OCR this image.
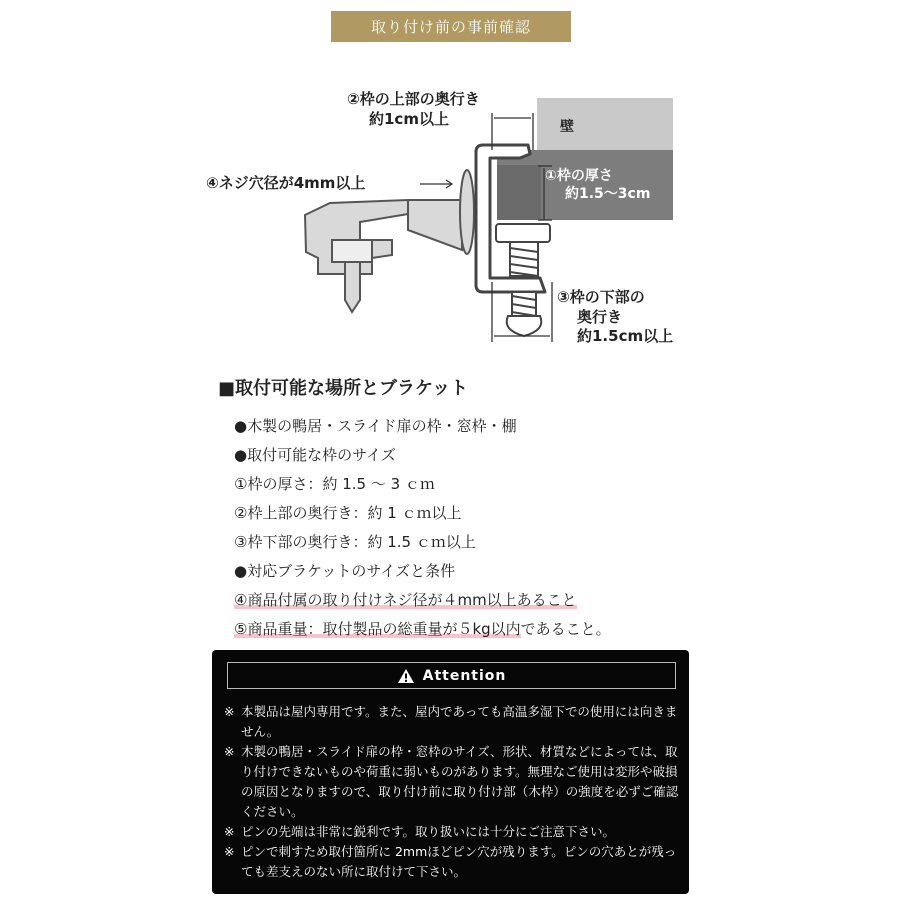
取り付け前の事前確認
②枠の上部の奥行き
約1cm以上	壁
①枠の厚さ
約1.5〜3cm
④ネジ穴径が4mm以上
③枠の下部の
奥行き
約1.5cm以上
■取付可能な場所とブラケット
●木製の鴨居・スライド扉の枠・窓枠・棚
●取付可能な枠のサイズ
①枠の厚さ：約 1.5 〜 3 ｃｍ
②枠上部の奥行き：約 1 ｃｍ以上
③枠下部の奥行き：約 1.5 ｃｍ以上
●対応ブラケットのサイズと条件
④商品付属の取り付けネジ径が４mm以上あること
⑤商品重量：取付製品の総重量が５kg以内であること。
Attention
※ 本製品は屋内専用です。また、屋内であっても高温多湿下での使用には向きません。
※ 木製の鴨居・スライド扉の枠・窓枠のサイズ、形状、材質などによっては、取り付けできないものや荷重に弱いものがあります。無理なご使用は変形や破損の原因となりますので、取り付け前に取り付け部（木枠）の強度を必ずご確認ください。
※ ピンの先端は非常に鋭利です。取り扱いには十分にご注意下さい。
※ ピンで刺すため取付箇所に 2mmほどピン穴が残ります。ピンの穴あとが残っても差支えのない所に取付けて下さい。
